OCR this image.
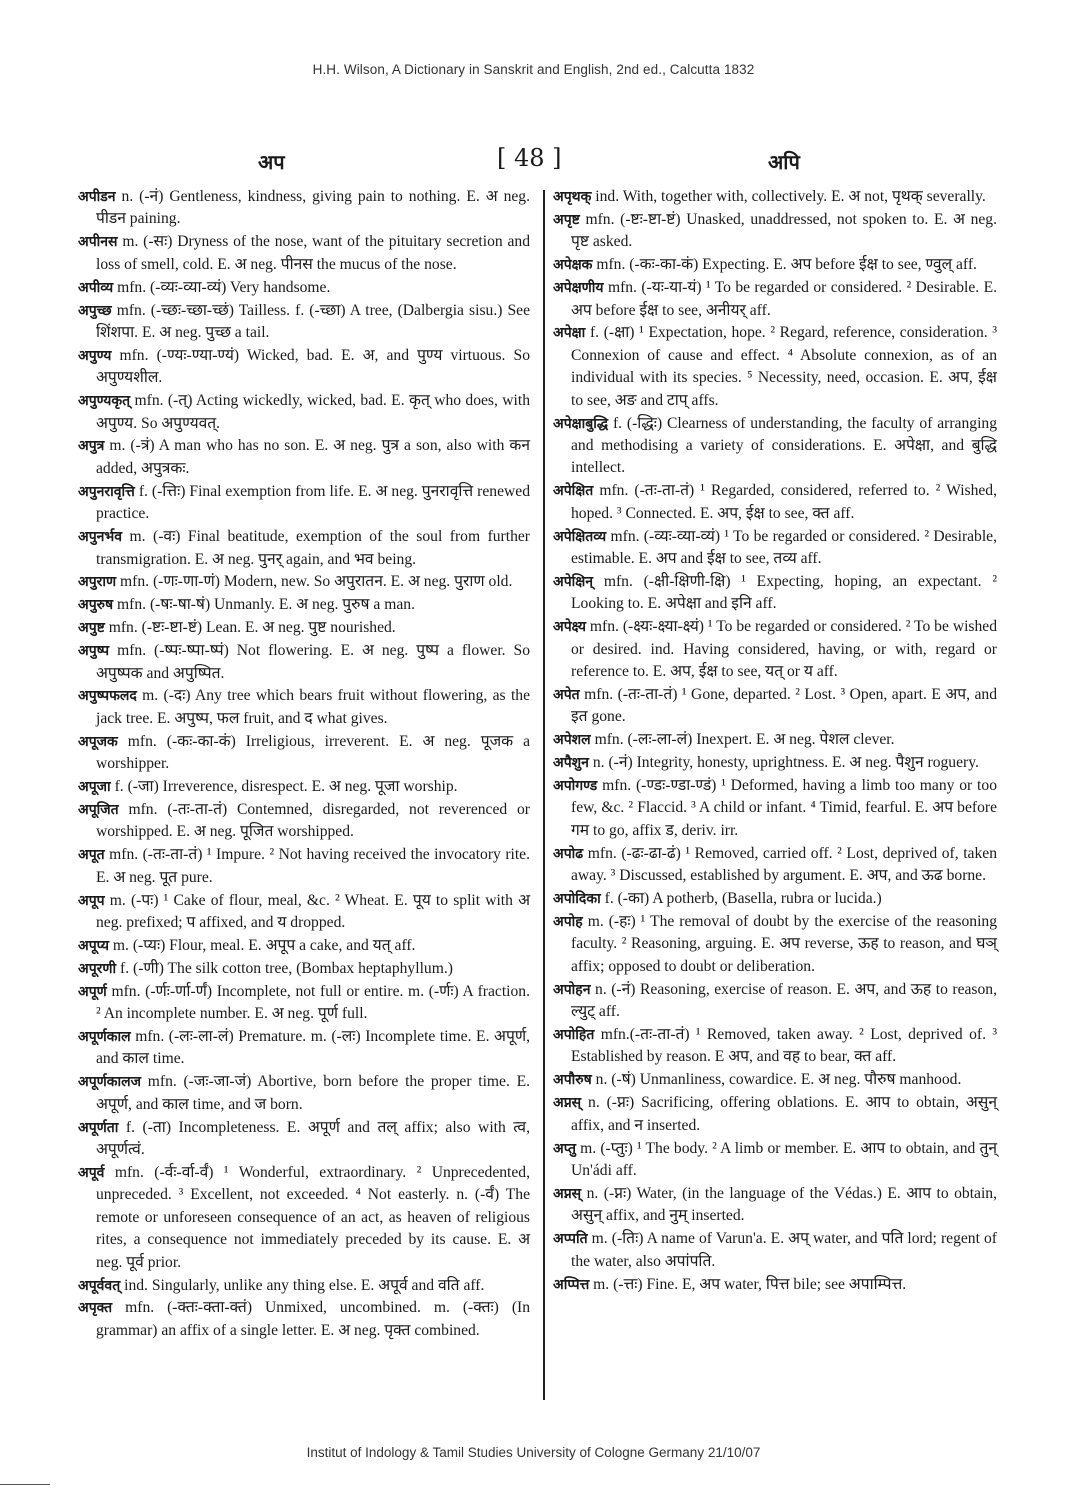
H.H. Wilson, A Dictionary in Sanskrit and English, 2nd ed., Calcutta 1832
अप	[ 48 ]	अपि
अपीडन n. (-नं) Gentleness, kindness, giving pain to nothing. E. अ neg. पीडन paining.
अपीनस m. (-सः) Dryness of the nose, want of the pituitary secretion and loss of smell, cold. E. अ neg. पीनस the mucus of the nose.
अपीव्य mfn. (-व्यः-व्या-व्यं) Very handsome.
अपुच्छ mfn. (-च्छः-च्छा-च्छं) Tailless. f. (-च्छा) A tree, (Dalbergia sisu.) See शिंशपा. E. अ neg. पुच्छ a tail.
अपुण्य mfn. (-ण्यः-ण्या-ण्यं) Wicked, bad. E. अ, and पुण्य virtuous. So अपुण्यशील.
अपुण्यकृत् mfn. (-त्) Acting wickedly, wicked, bad. E. कृत् who does, with अपुण्य. So अपुण्यवत्.
अपुत्र m. (-त्रं) A man who has no son. E. अ neg. पुत्र a son, also with कन added, अपुत्रकः.
अपुनरावृत्ति f. (-त्तिः) Final exemption from life. E. अ neg. पुनरावृत्ति renewed practice.
अपुनर्भव m. (-वः) Final beatitude, exemption of the soul from further transmigration. E. अ neg. पुनर् again, and भव being.
अपुराण mfn. (-णः-णा-णं) Modern, new. So अपुरातन. E. अ neg. पुराण old.
अपुरुष mfn. (-षः-षा-षं) Unmanly. E. अ neg. पुरुष a man.
अपुष्ट mfn. (-ष्टः-ष्टा-ष्टं) Lean. E. अ neg. पुष्ट nourished.
अपुष्प mfn. (-ष्पः-ष्पा-ष्पं) Not flowering. E. अ neg. पुष्प a flower. So अपुष्पक and अपुष्पित.
अपुष्पफलद m. (-दः) Any tree which bears fruit without flowering, as the jack tree. E. अपुष्प, फल fruit, and द what gives.
अपूजक mfn. (-कः-का-कं) Irreligious, irreverent. E. अ neg. पूजक a worshipper.
अपूजा f. (-जा) Irreverence, disrespect. E. अ neg. पूजा worship.
अपूजित mfn. (-तः-ता-तं) Contemned, disregarded, not reverenced or worshipped. E. अ neg. पूजित worshipped.
अपूत mfn. (-तः-ता-तं) ¹ Impure. ² Not having received the invocatory rite. E. अ neg. पूत pure.
अपूप m. (-पः) ¹ Cake of flour, meal, &c. ² Wheat. E. पूय to split with अ neg. prefixed; प affixed, and य dropped.
अपूप्य m. (-प्यः) Flour, meal. E. अपूप a cake, and यत् aff.
अपूरणी f. (-णी) The silk cotton tree, (Bombax heptaphyllum.)
अपूर्ण mfn. (-र्णः-र्णा-र्णं) Incomplete, not full or entire. m. (-र्णः) A fraction. ² An incomplete number. E. अ neg. पूर्ण full.
अपूर्णकाल mfn. (-लः-ला-लं) Premature. m. (-लः) Incomplete time. E. अपूर्ण, and काल time.
अपूर्णकालज mfn. (-जः-जा-जं) Abortive, born before the proper time. E. अपूर्ण, and काल time, and ज born.
अपूर्णता f. (-ता) Incompleteness. E. अपूर्ण and तल् affix; also with त्व, अपूर्णत्वं.
अपूर्व mfn. (-र्वः-र्वा-र्वं) ¹ Wonderful, extraordinary. ² Unprecedented, unpreceded. ³ Excellent, not exceeded. ⁴ Not easterly. n. (-र्वं) The remote or unforeseen consequence of an act, as heaven of religious rites, a consequence not immediately preceded by its cause. E. अ neg. पूर्व prior.
अपूर्ववत् ind. Singularly, unlike any thing else. E. अपूर्व and वति aff.
अपृक्त mfn. (-क्तः-क्ता-क्तं) Unmixed, uncombined. m. (-क्तः) (In grammar) an affix of a single letter. E. अ neg. पृक्त combined.
अपृथक् ind. With, together with, collectively. E. अ not, पृथक् severally.
अपृष्ट mfn. (-ष्टः-ष्टा-ष्टं) Unasked, unaddressed, not spoken to. E. अ neg. पृष्ट asked.
अपेक्षक mfn. (-कः-का-कं) Expecting. E. अप before ईक्ष to see, ण्वुल् aff.
अपेक्षणीय mfn. (-यः-या-यं) ¹ To be regarded or considered. ² Desirable. E. अप before ईक्ष to see, अनीयर् aff.
अपेक्षा f. (-क्षा) ¹ Expectation, hope. ² Regard, reference, consideration. ³ Connexion of cause and effect. ⁴ Absolute connexion, as of an individual with its species. ⁵ Necessity, need, occasion. E. अप, ईक्ष to see, अङ and टाप् affs.
अपेक्षाबुद्धि f. (-द्धिः) Clearness of understanding, the faculty of arranging and methodising a variety of considerations. E. अपेक्षा, and बुद्धि intellect.
अपेक्षित mfn. (-तः-ता-तं) ¹ Regarded, considered, referred to. ² Wished, hoped. ³ Connected. E. अप, ईक्ष to see, क्त aff.
अपेक्षितव्य mfn. (-व्यः-व्या-व्यं) ¹ To be regarded or considered. ² Desirable, estimable. E. अप and ईक्ष to see, तव्य aff.
अपेक्षिन् mfn. (-क्षी-क्षिणी-क्षि) ¹ Expecting, hoping, an expectant. ² Looking to. E. अपेक्षा and इनि aff.
अपेक्ष्य mfn. (-क्ष्यः-क्ष्या-क्ष्यं) ¹ To be regarded or considered. ² To be wished or desired. ind. Having considered, having, or with, regard or reference to. E. अप, ईक्ष to see, यत् or य aff.
अपेत mfn. (-तः-ता-तं) ¹ Gone, departed. ² Lost. ³ Open, apart. E अप, and इत gone.
अपेशल mfn. (-लः-ला-लं) Inexpert. E. अ neg. पेशल clever.
अपैशुन n. (-नं) Integrity, honesty, uprightness. E. अ neg. पैशुन roguery.
अपोगण्ड mfn. (-ण्डः-ण्डा-ण्डं) ¹ Deformed, having a limb too many or too few, &c. ² Flaccid. ³ A child or infant. ⁴ Timid, fearful. E. अप before गम to go, affix ड, deriv. irr.
अपोढ mfn. (-ढः-ढा-ढं) ¹ Removed, carried off. ² Lost, deprived of, taken away. ³ Discussed, established by argument. E. अप, and ऊढ borne.
अपोदिका f. (-का) A potherb, (Basella, rubra or lucida.)
अपोह m. (-हः) ¹ The removal of doubt by the exercise of the reasoning faculty. ² Reasoning, arguing. E. अप reverse, ऊह to reason, and घञ् affix; opposed to doubt or deliberation.
अपोहन n. (-नं) Reasoning, exercise of reason. E. अप, and ऊह to reason, ल्युट् aff.
अपोहित mfn.(-तः-ता-तं) ¹ Removed, taken away. ² Lost, deprived of. ³ Established by reason. E अप, and वह to bear, क्त aff.
अपौरुष n. (-षं) Unmanliness, cowardice. E. अ neg. पौरुष manhood.
अप्नस् n. (-प्नः) Sacrificing, offering oblations. E. आप to obtain, असुन् affix, and न inserted.
अप्तु m. (-प्तुः) ¹ The body. ² A limb or member. E. आप to obtain, and तुन् Un'ádi aff.
अप्नस् n. (-प्नः) Water, (in the language of the Védas.) E. आप to obtain, असुन् affix, and नुम् inserted.
अप्पति m. (-तिः) A name of Varun'a. E. अप् water, and पति lord; regent of the water, also अपांपति.
अप्पित्त m. (-त्तः) Fine. E, अप water, पित्त bile; see अपाम्पित्त.
Institut of Indology & Tamil Studies University of Cologne Germany 21/10/07
